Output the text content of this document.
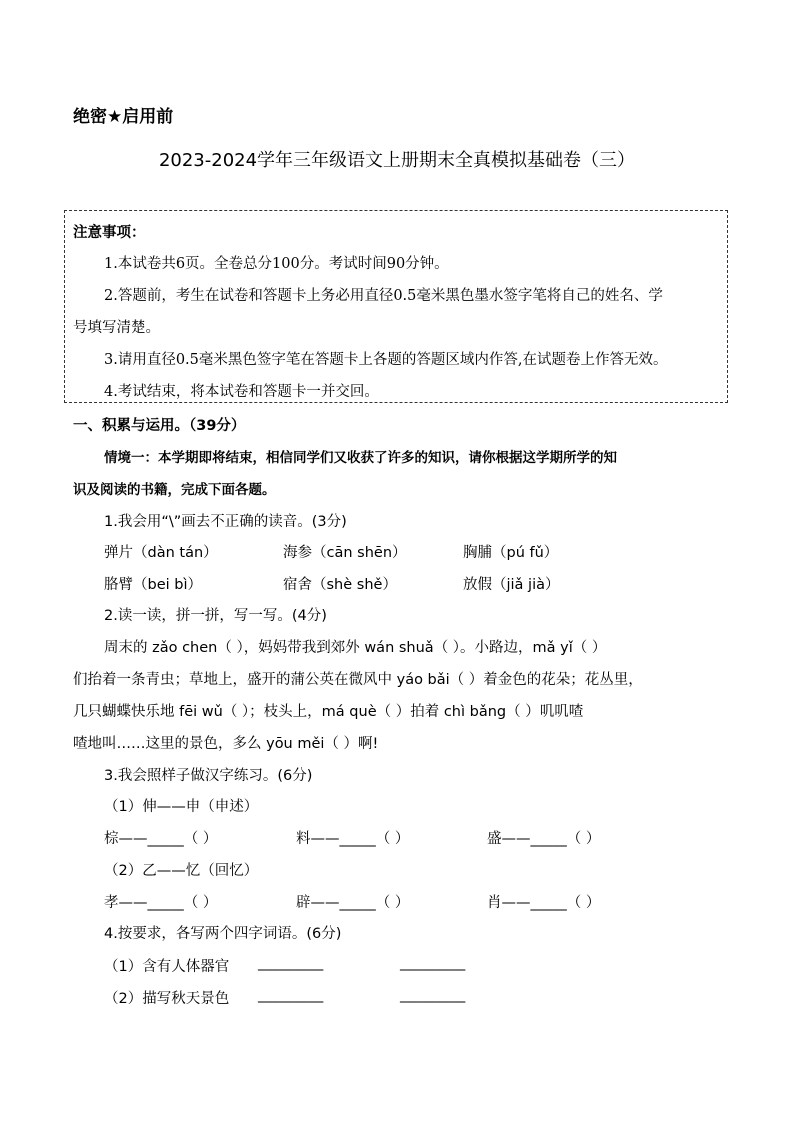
绝密★启用前
2023-2024学年三年级语文上册期末全真模拟基础卷（三）
注意事项：
1.本试卷共6页。全卷总分100分。考试时间90分钟。
2.答题前，考生在试卷和答题卡上务必用直径0.5毫米黑色墨水签字笔将自己的姓名、学
号填写清楚。
3.请用直径0.5毫米黑色签字笔在答题卡上各题的答题区域内作答,在试题卷上作答无效。
4.考试结束，将本试卷和答题卡一并交回。
一、积累与运用。（39分）
情境一：本学期即将结束，相信同学们又收获了许多的知识，请你根据这学期所学的知
识及阅读的书籍，完成下面各题。
1.我会用“\”画去不正确的读音。(3分)
弹片（dàn tán）	海参（cān shēn）	胸脯（pú fǔ）
胳臂（bei bì）	宿舍（shè shě）	放假（jiǎ jià）
2.读一读，拼一拼，写一写。(4分)
周末的 zǎo chen（ ），妈妈带我到郊外 wán shuǎ（ ）。小路边，mǎ yǐ（ ）
们抬着一条青虫；草地上，盛开的蒲公英在微风中 yáo bǎi（ ）着金色的花朵；花丛里，
几只蝴蝶快乐地 fēi wǔ（ ）；枝头上，má què（ ）拍着 chì bǎng（ ）叽叽喳
喳地叫……这里的景色，多么 yōu měi（ ）啊!
3.我会照样子做汉字练习。(6分)
（1）伸——申（申述）
棕——_____（ ）	料——_____（ ）	盛——_____（ ）
（2）乙——忆（回忆）
孝——_____（ ）	辟——_____（ ）	肖——_____（ ）
4.按要求，各写两个四字词语。(6分)
（1）含有人体器官 _________	_________
（2）描写秋天景色 _________	_________
